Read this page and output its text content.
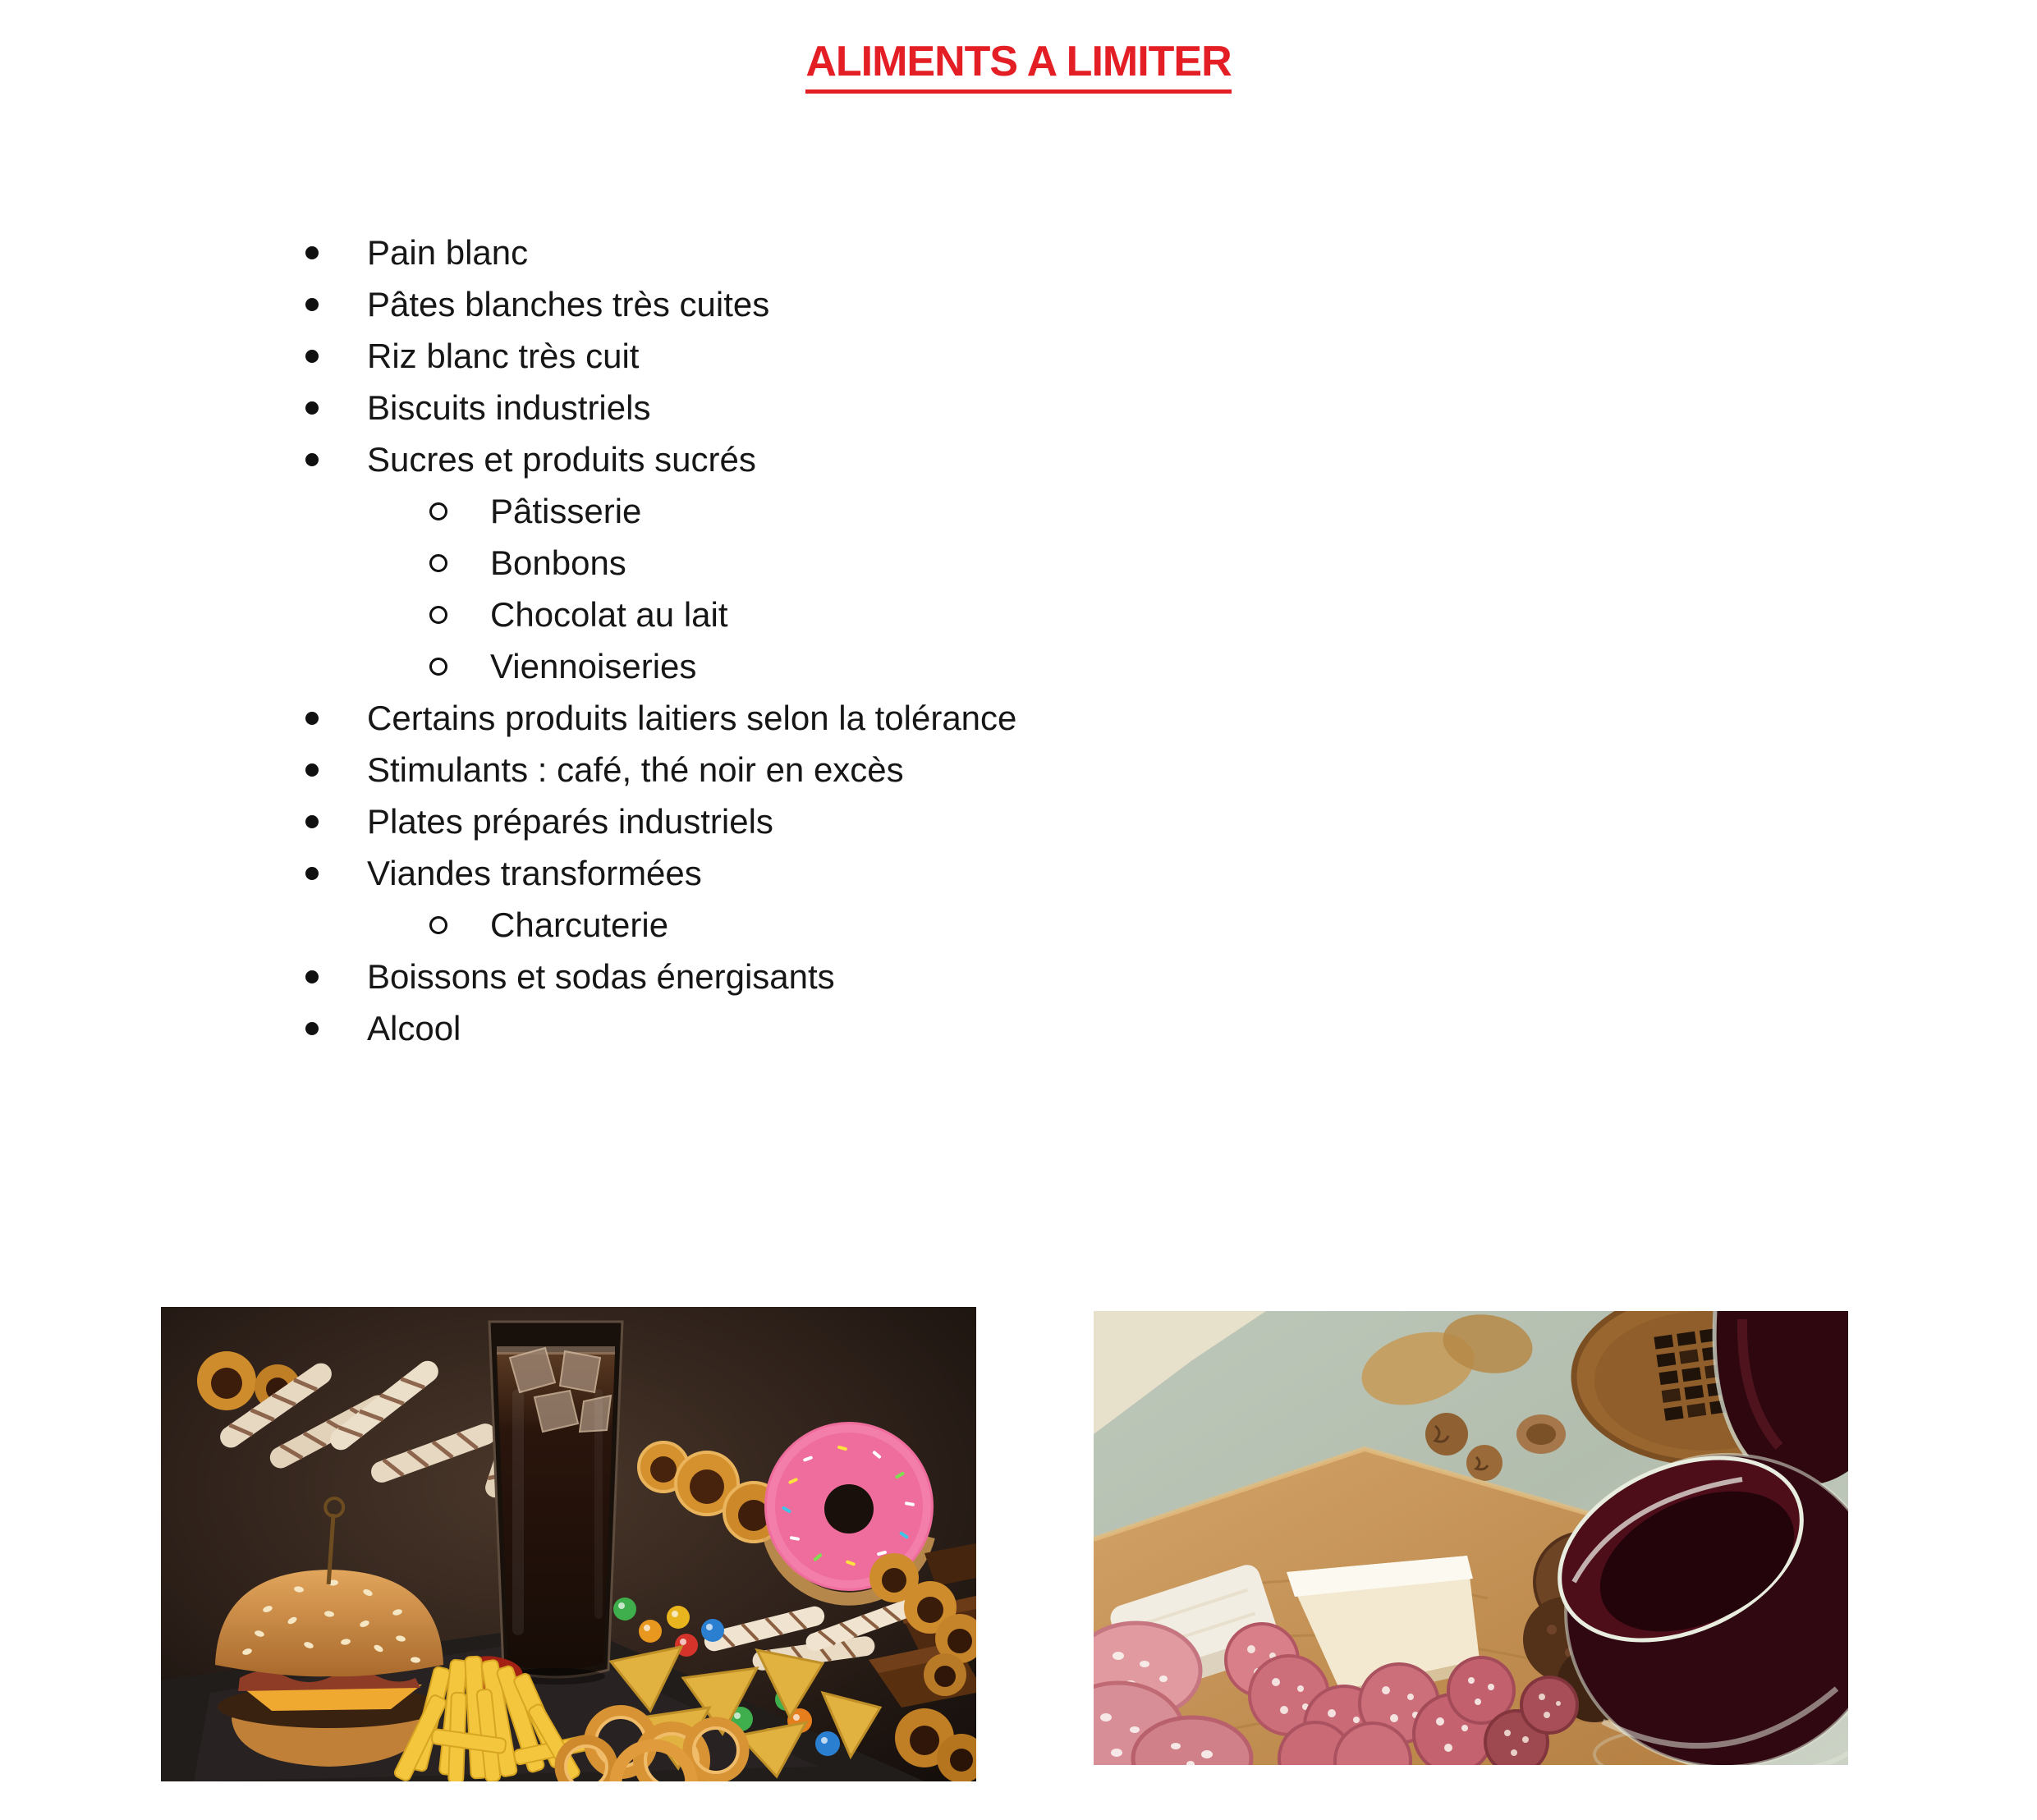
ALIMENTS A LIMITER
Pain blanc
Pâtes blanches très cuites
Riz blanc très cuit
Biscuits industriels
Sucres et produits sucrés
Pâtisserie
Bonbons
Chocolat au lait
Viennoiseries
Certains produits laitiers selon la tolérance
Stimulants : café, thé noir en excès
Plates préparés industriels
Viandes transformées
Charcuterie
Boissons et sodas énergisants
Alcool
